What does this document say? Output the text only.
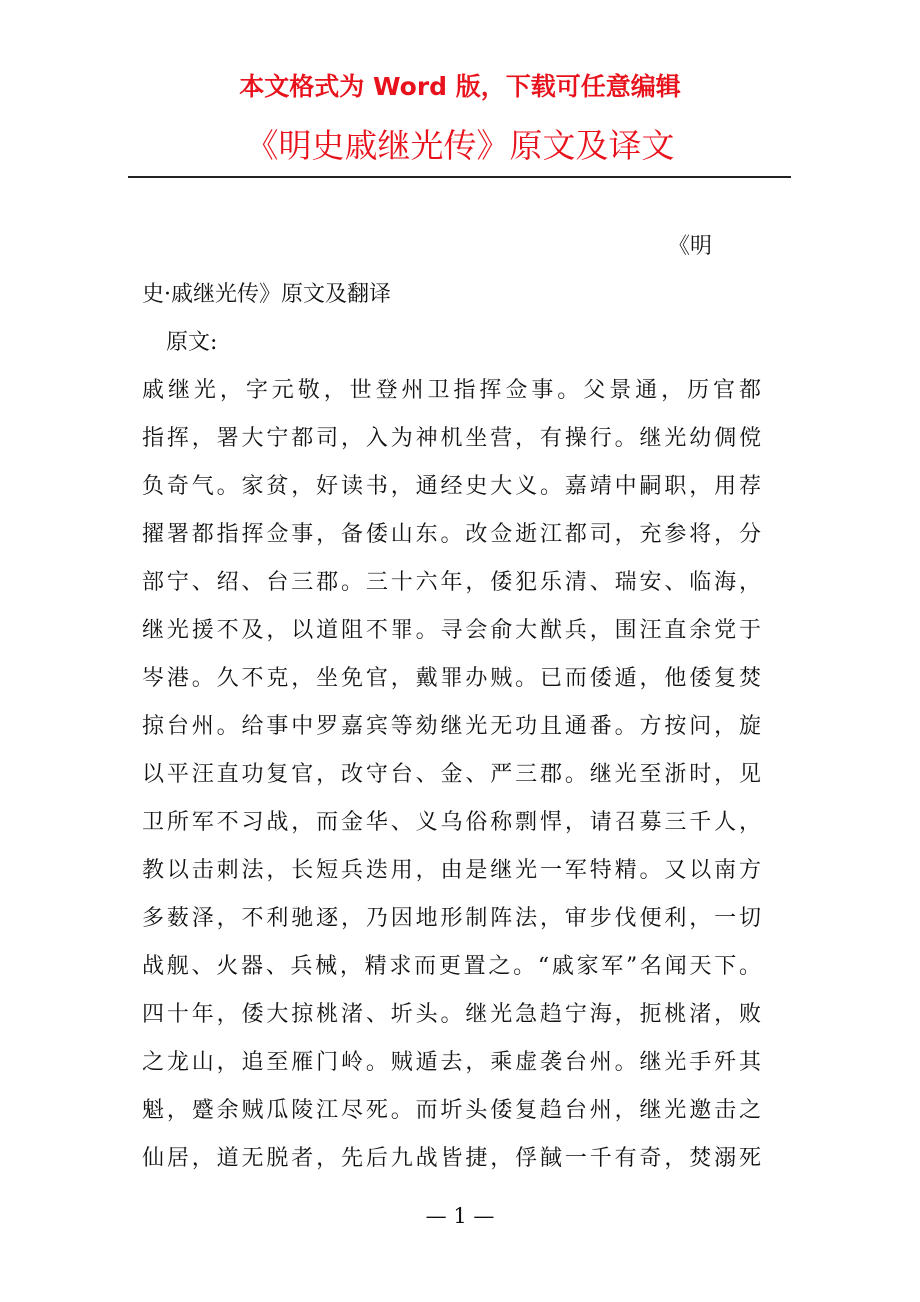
本文格式为 Word 版，下载可任意编辑
《明史戚继光传》原文及译文
《明
史·戚继光传》原文及翻译
原文:
戚继光，字元敬，世登州卫指挥佥事。父景通，历官都
指挥，署大宁都司，入为神机坐营，有操行。继光幼倜傥
负奇气。家贫，好读书，通经史大义。嘉靖中嗣职，用荐
擢署都指挥佥事，备倭山东。改佥逝江都司，充参将，分
部宁、绍、台三郡。三十六年，倭犯乐清、瑞安、临海，
继光援不及，以道阻不罪。寻会俞大猷兵，围汪直余党于
岑港。久不克，坐免官，戴罪办贼。已而倭遁，他倭复焚
掠台州。给事中罗嘉宾等劾继光无功且通番。方按问，旋
以平汪直功复官，改守台、金、严三郡。继光至浙时，见
卫所军不习战，而金华、义乌俗称剽悍，请召募三千人，
教以击刺法，长短兵迭用，由是继光一军特精。又以南方
多薮泽，不利驰逐，乃因地形制阵法，审步伐便利，一切
战舰、火器、兵械，精求而更置之。“戚家军”名闻天下。
四十年，倭大掠桃渚、圻头。继光急趋宁海，扼桃渚，败
之龙山，追至雁门岭。贼遁去，乘虚袭台州。继光手歼其
魁，蹙余贼瓜陵江尽死。而圻头倭复趋台州，继光邀击之
仙居，道无脱者，先后九战皆捷，俘馘一千有奇，焚溺死
— 1 —
